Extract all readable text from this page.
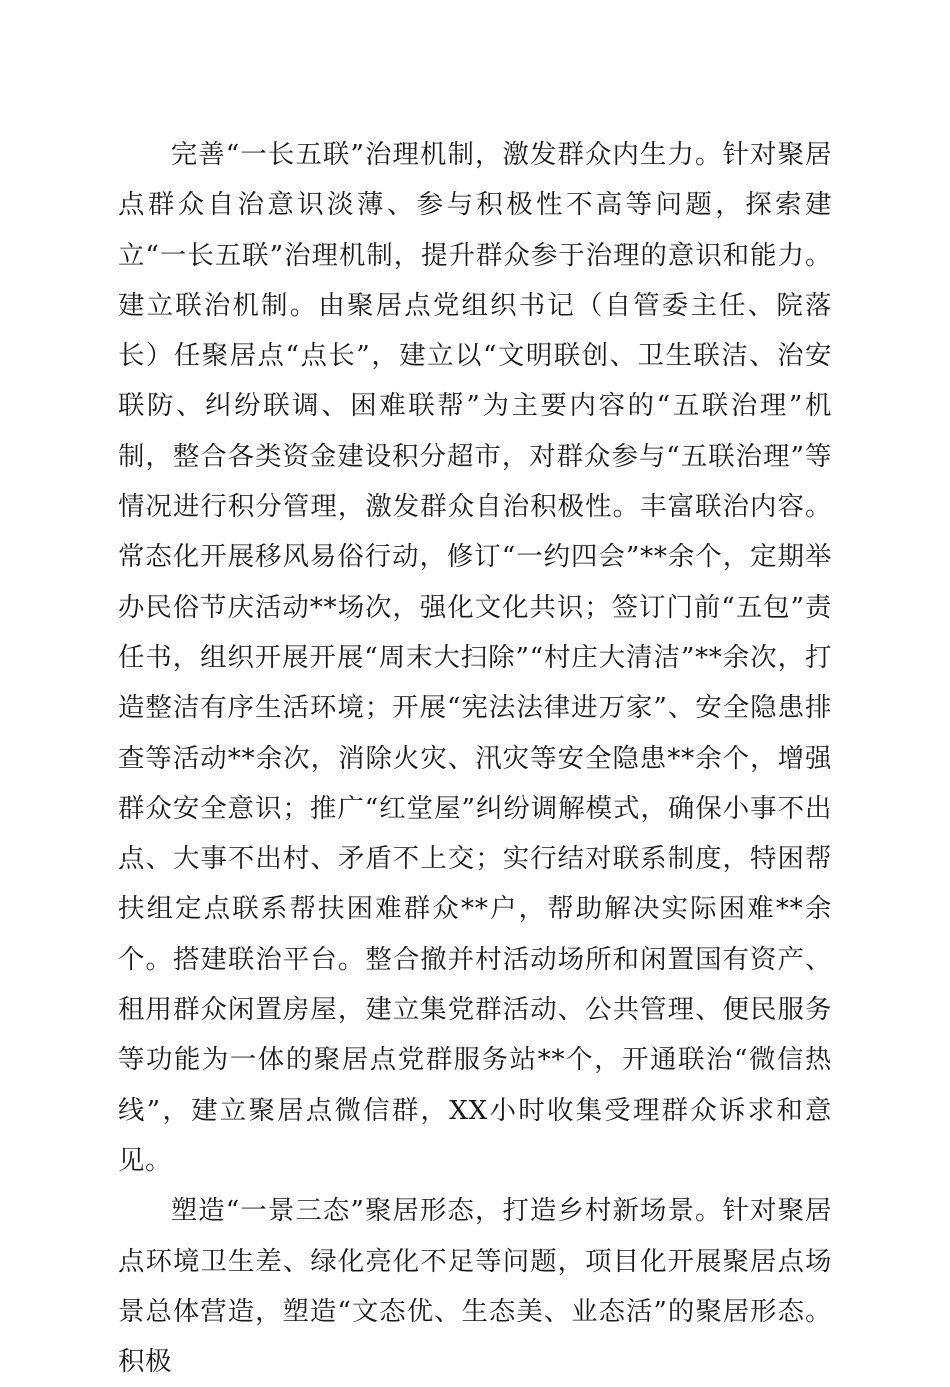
完善“一长五联”治理机制，激发群众内生力。针对聚居点群众自治意识淡薄、参与积极性不高等问题，探索建立“一长五联”治理机制，提升群众参于治理的意识和能力。建立联治机制。由聚居点党组织书记（自管委主任、院落长）任聚居点“点长”，建立以“文明联创、卫生联洁、治安联防、纠纷联调、困难联帮”为主要内容的“五联治理”机制，整合各类资金建设积分超市，对群众参与“五联治理”等情况进行积分管理，激发群众自治积极性。丰富联治内容。常态化开展移风易俗行动，修订“一约四会”**余个，定期举办民俗节庆活动**场次，强化文化共识；签订门前“五包”责任书，组织开展开展“周末大扫除”“村庄大清洁”**余次，打造整洁有序生活环境；开展“宪法法律进万家”、安全隐患排查等活动**余次，消除火灾、汛灾等安全隐患**余个，增强群众安全意识；推广“红堂屋”纠纷调解模式，确保小事不出点、大事不出村、矛盾不上交；实行结对联系制度，特困帮扶组定点联系帮扶困难群众**户，帮助解决实际困难**余个。搭建联治平台。整合撤并村活动场所和闲置国有资产、租用群众闲置房屋，建立集党群活动、公共管理、便民服务等功能为一体的聚居点党群服务站**个，开通联治“微信热线”，建立聚居点微信群，XX小时收集受理群众诉求和意见。

塑造“一景三态”聚居形态，打造乡村新场景。针对聚居点环境卫生差、绿化亮化不足等问题，项目化开展聚居点场景总体营造，塑造“文态优、生态美、业态活”的聚居形态。积极
